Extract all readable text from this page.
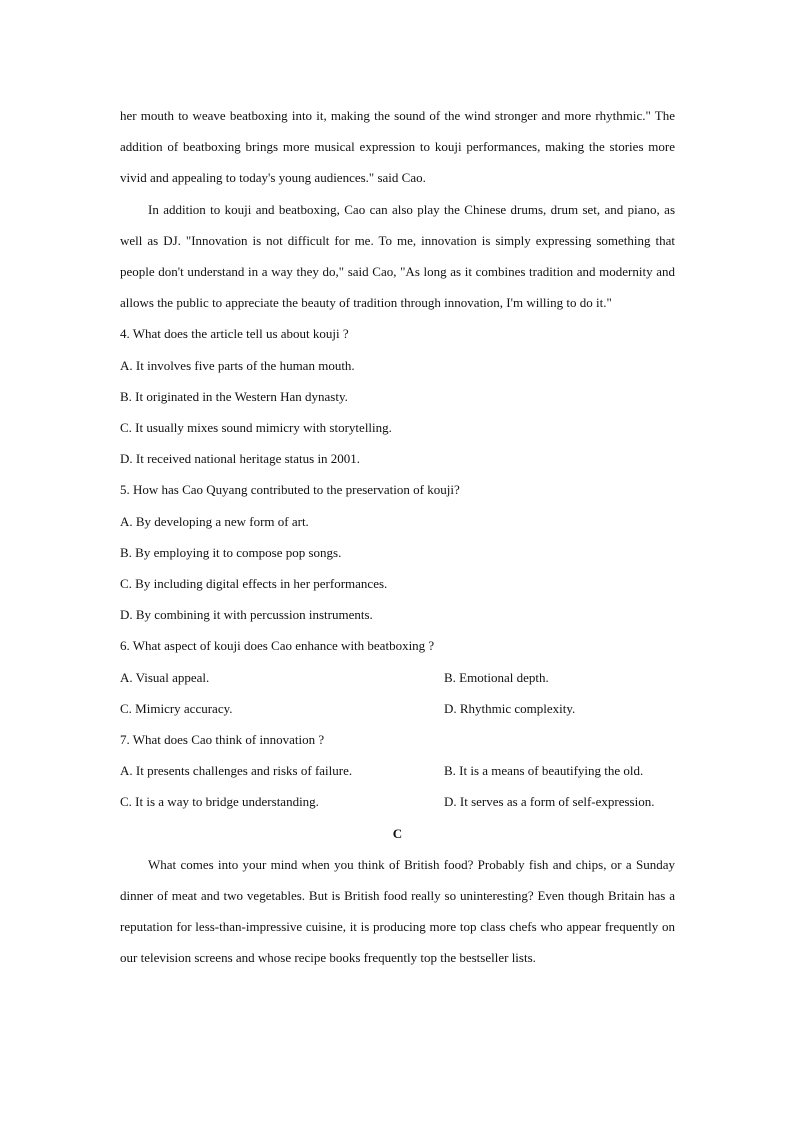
her mouth to weave beatboxing into it, making the sound of the wind stronger and more rhythmic." The addition of beatboxing brings more musical expression to kouji performances, making the stories more vivid and appealing to today's young audiences." said Cao.

In addition to kouji and beatboxing, Cao can also play the Chinese drums, drum set, and piano, as well as DJ. "Innovation is not difficult for me. To me, innovation is simply expressing something that people don't understand in a way they do," said Cao, "As long as it combines tradition and modernity and allows the public to appreciate the beauty of tradition through innovation, I'm willing to do it."

4. What does the article tell us about kouji ?

A. It involves five parts of the human mouth.

B. It originated in the Western Han dynasty.

C. It usually mixes sound mimicry with storytelling.

D. It received national heritage status in 2001.

5. How has Cao Quyang contributed to the preservation of kouji?

A. By developing a new form of art.

B. By employing it to compose pop songs.

C. By including digital effects in her performances.

D. By combining it with percussion instruments.

6. What aspect of kouji does Cao enhance with beatboxing ?

A. Visual appeal.	B. Emotional depth.
C. Mimicry accuracy.	D. Rhythmic complexity.

7. What does Cao think of innovation ?

A. It presents challenges and risks of failure.	B. It is a means of beautifying the old.
C. It is a way to bridge understanding.	D. It serves as a form of self-expression.

C

What comes into your mind when you think of British food? Probably fish and chips, or a Sunday dinner of meat and two vegetables. But is British food really so uninteresting? Even though Britain has a reputation for less-than-impressive cuisine, it is producing more top class chefs who appear frequently on our television screens and whose recipe books frequently top the bestseller lists.
